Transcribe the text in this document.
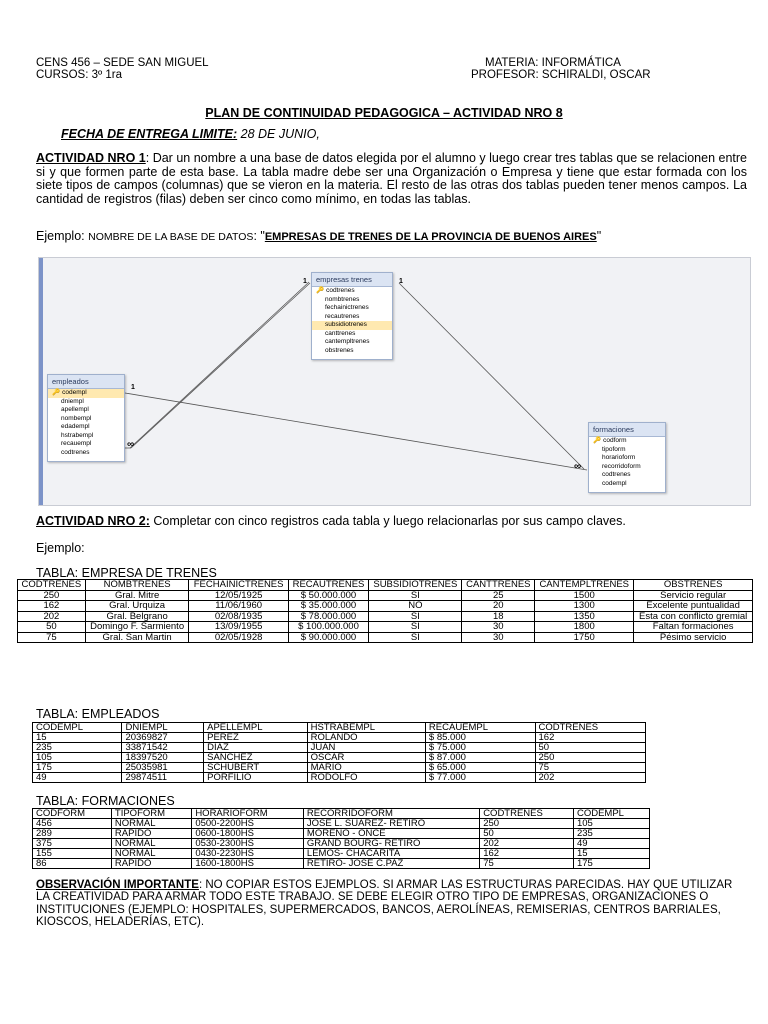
CENS 456 – SEDE SAN MIGUEL
CURSOS: 3º 1ra
MATERIA: INFORMÁTICA
PROFESOR: SCHIRALDI, OSCAR
PLAN DE CONTINUIDAD PEDAGOGICA – ACTIVIDAD NRO 8
FECHA DE ENTREGA LIMITE: 28 DE JUNIO,
ACTIVIDAD NRO 1: Dar un nombre a una base de datos elegida por el alumno y luego crear tres tablas que se relacionen entre si y que formen parte de esta base. La tabla madre debe ser una Organización o Empresa y tiene que estar formada con los siete tipos de campos (columnas) que se vieron en la materia. El resto de las otras dos tablas pueden tener menos campos. La cantidad de registros (filas) deben ser cinco como mínimo, en todas las tablas.
Ejemplo: NOMBRE DE LA BASE DE DATOS: "EMPRESAS DE TRENES DE LA PROVINCIA DE BUENOS AIRES"
empresas trenes
🔑 codtrenes
nombtrenes
fechainictrenes
recautrenes
subsidiotrenes
canttrenes
cantempltrenes
obstrenes
empleados
🔑 codempl
dniempl
apellempl
nombempl
edadempl
hstrabempl
recauempl
codtrenes
formaciones
🔑 codform
tipoform
horarioform
recorridoform
codtrenes
codempl
1	1
1
∞
∞
ACTIVIDAD NRO 2: Completar con cinco registros cada tabla y luego relacionarlas por sus campo claves.
Ejemplo:
TABLA: EMPRESA DE TRENES
CODTRENES	NOMBTRENES	FECHAINICTRENES	RECAUTRENES	SUBSIDIOTRENES	CANTTRENES	CANTEMPLTRENES	OBSTRENES
250	Gral. Mitre	12/05/1925	$ 50.000.000	SI	25	1500	Servicio regular
162	Gral. Urquiza	11/06/1960	$ 35.000.000	NO	20	1300	Excelente puntualidad
202	Gral. Belgrano	02/08/1935	$ 78.000.000	SI	18	1350	Esta con conflicto gremial
50	Domingo F. Sarmiento	13/09/1955	$ 100.000.000	SI	30	1800	Faltan formaciones
75	Gral. San Martin	02/05/1928	$ 90.000.000	SI	30	1750	Pésimo servicio
TABLA: EMPLEADOS
CODEMPL	DNIEMPL	APELLEMPL	HSTRABEMPL	RECAUEMPL	CODTRENES
15	20369827	PEREZ	ROLANDO	$ 85.000	162
235	33871542	DIAZ	JUAN	$ 75.000	50
105	18397520	SANCHEZ	OSCAR	$ 87.000	250
175	25035981	SCHUBERT	MARIO	$ 65.000	75
49	29874511	PORFILIO	RODOLFO	$ 77.000	202
TABLA: FORMACIONES
CODFORM	TIPOFORM	HORARIOFORM	RECORRIDOFORM	CODTRENES	CODEMPL
456	NORMAL	0500-2200HS	JOSE L. SUAREZ- RETIRO	250	105
289	RAPIDO	0600-1800HS	MORENO - ONCE	50	235
375	NORMAL	0530-2300HS	GRAND BOURG- RETIRO	202	49
155	NORMAL	0430-2230HS	LEMOS- CHACARITA	162	15
86	RAPIDO	1600-1800HS	RETIRO- JOSE C.PAZ	75	175
OBSERVACIÓN IMPORTANTE: NO COPIAR ESTOS EJEMPLOS. SI ARMAR LAS ESTRUCTURAS PARECIDAS. HAY QUE UTILIZAR LA CREATIVIDAD PARA ARMAR TODO ESTE TRABAJO. SE DEBE ELEGIR OTRO TIPO DE EMPRESAS, ORGANIZACIONES O INSTITUCIONES (EJEMPLO: HOSPITALES, SUPERMERCADOS, BANCOS, AEROLÍNEAS, REMISERIAS, CENTROS BARRIALES, KIOSCOS, HELADERÍAS, ETC).
